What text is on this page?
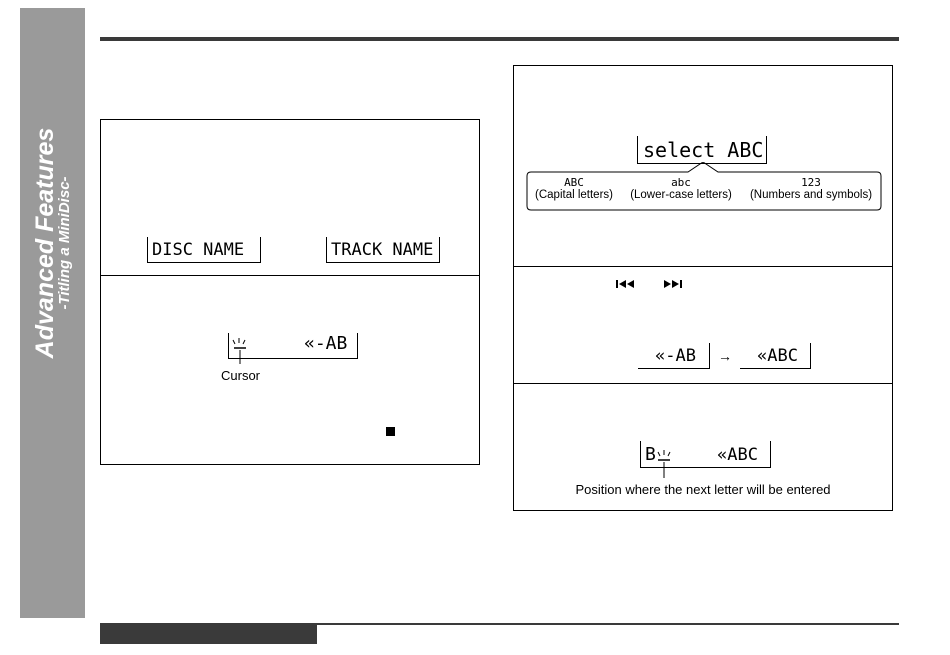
Advanced Features
-Titling a MiniDisc-	DISC NAME	TRACK NAME
«-AB
Cursor
select ABC
ABC
(Capital letters)
abc
(Lower-case letters)
123
(Numbers and symbols)
«-AB → «ABC
B	«ABC
Position where the next letter will be entered
